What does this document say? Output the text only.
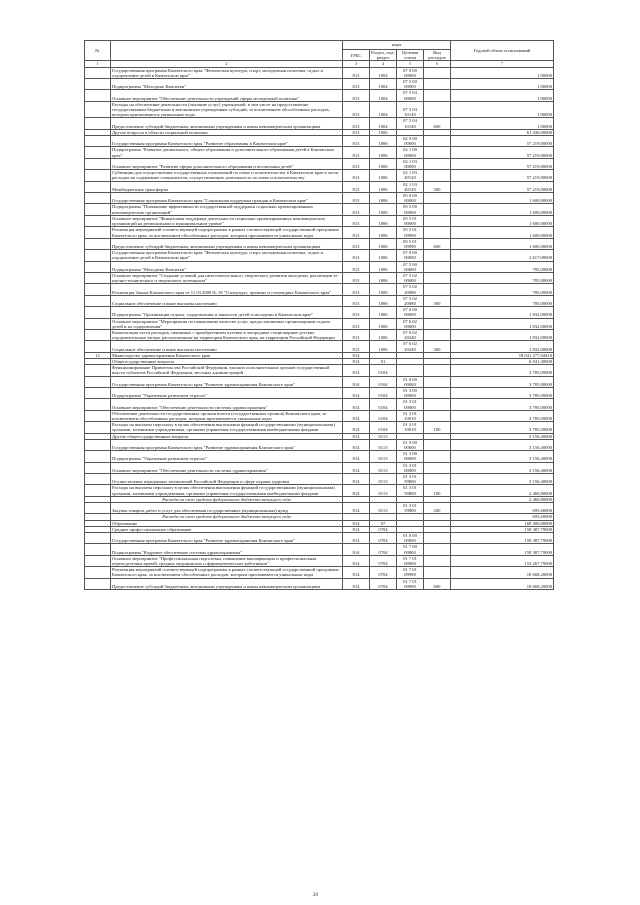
№		коды				Годовой объем ассигнований
		ГРБС	Раздел, под-раздел	Целевая статья	Вид расходов	
1	2	3	4	5	6	7
	Государственная программа Камчатского края "Физическая культура, спорт, молодежная политика, отдых и оздоровление детей в Камчатском крае"	813	1004	07 0 00 00000		1,90000
	Подпрограмма "Молодежь Камчатки"	813	1004	07 5 00 00000		1,90000
	Основное мероприятие "Обеспечение деятельности учреждений сферы молодежной политики"	813	1004	07 5 04 00000		1,90000
	Расходы на обеспечение деятельности (оказание услуг) учреждений, в том числе на предоставление государственным бюджетным и автономным учреждениям субсидий, за исключением обособленных расходов, которым присваиваются уникальные коды	813	1004	07 5 04 10140		1,90000
	Предоставление субсидий бюджетным, автономным учреждениям и иным некоммерческим организациям	813	1004	07 5 04 10140	600	1,90000
	Другие вопросы в области социальной политики	813	1006			61 436,00000
	Государственная программа Камчатского края "Развитие образования в Камчатском крае"	813	1006	02 0 00 00000		57 219,00000
	Подпрограмма "Развитие дошкольного, общего образования и дополнительного образования детей в Камчатском крае"	813	1006	02 1 00 00000		57 219,00000
	Основное мероприятие "Развитие сферы дополнительного образования и воспитания детей"	813	1006	02 1 03 00000		57 219,00000
	Субвенции для осуществления государственных полномочий по опеке и попечительству в Камчатском крае в части расходов на содержание специалистов, осуществляющих деятельность по опеке и попечительству	813	1006	02 1 03 40120		57 219,00000
	Межбюджетные трансферты	813	1006	02 1 03 40120	500	57 219,00000
	Государственная программа Камчатского края "Социальная поддержка граждан в Камчатском крае"	813	1006	05 0 00 00000		1 600,00000
	Подпрограмма "Повышение эффективности государственной поддержки социально ориентированных некоммерческих организаций"	813	1006	05 5 00 00000		1 600,00000
	Основное мероприятие "Финансовая поддержка деятельности социально ориентированных некоммерческих организаций на региональном и муниципальном уровне"	813	1006	05 5 01 00000		1 600,00000
	Реализация мероприятий соответствующей подпрограммы в рамках соответствующей государственной программы Камчатского края, за исключением обособленных расходов, которым присваиваются уникальные коды	813	1006	05 5 01 09990		1 600,00000
	Предоставление субсидий бюджетным, автономным учреждениям и иным некоммерческим организациям	813	1006	05 5 01 09990	600	1 600,00000
	Государственная программа Камчатского края "Физическая культура, спорт, молодежная политика, отдых и оздоровление детей в Камчатском крае"	813	1006	07 0 00 00000		2 617,00000
	Подпрограмма "Молодежь Камчатки"	813	1006	07 5 00 00000		785,00000
	Основное мероприятие "Создание условий для интеллектуального, творческого развития молодежи, реализации ее научно-технического и творческого потенциала"	813	1006	07 5 02 00000		785,00000
	Реализация Закона Камчатского края от 11.03.2008 № 18 "О наградах, премиях и стипендиях Камчатского края"	813	1006	07 5 02 20080		785,00000
	Социальное обеспечение и иные выплаты населению	813	1006	07 5 02 20080	300	785,00000
	Подпрограмма "Организация отдыха, оздоровления и занятости детей и молодежи в Камчатском крае"	813	1006	07 6 00 00000		1 832,00000
	Основное мероприятие "Мероприятия по повышению качества услуг, предоставляемых организациями отдыха детей и их оздоровления"	813	1006	07 6 02 00000		1 832,00000
	Компенсация части расходов, связанных с приобретением путевок в загородные стационарные детские оздоровительные лагеря, расположенные на территории Камчатского края, на территории Российской Федерации	813	1006	07 6 02 20240		1 832,00000
	Социальное обеспечение и иные выплаты населению	813	1006	07 6 02 20240	300	1 832,00000
12	Министерство здравоохранения Камчатского края	814				18 041 277,94410
	Общегосударственные вопросы	814	01			6 941,40000
	Функционирование Правительства Российской Федерации, высших исполнительных органов государственной власти субъектов Российской Федерации, местных администраций	814	0104			3 785,00000
	Государственная программа Камчатского края "Развитие здравоохранения Камчатского края"	814	0104	01 0 00 00000		3 785,00000
	Подпрограмма "Управление развитием отрасли"	814	0104	01 3 00 00000		3 785,00000
	Основное мероприятие "Обеспечение деятельности системы здравоохранения"	814	0104	01 3 01 00000		3 785,00000
	Обеспечение деятельности государственных органов власти (государственных органов) Камчатского края, за исключением обособленных расходов, которым присваиваются уникальные коды	814	0104	01 3 01 10010		3 785,00000
	Расходы на выплаты персоналу в целях обеспечения выполнения функций государственными (муниципальными) органами, казенными учреждениями, органами управления государственными внебюджетными фондами	814	0104	01 3 01 10010	100	3 785,00000
	Другие общегосударственные вопросы	814	0113			3 156,40000
	Государственная программа Камчатского края "Развитие здравоохранения Камчатского края"	814	0113	01 0 00 00000		3 156,40000
	Подпрограмма "Управление развитием отрасли"	814	0113	01 3 00 00000		3 156,40000
	Основное мероприятие "Обеспечение деятельности системы здравоохранения"	814	0113	01 3 01 00000		3 156,40000
	Осуществление переданных полномочий Российской Федерации в сфере охраны здоровья	814	0113	01 3 01 59800		3 156,40000
	Расходы на выплаты персоналу в целях обеспечения выполнения функций государственными (муниципальными) органами, казенными учреждениями, органами управления государственными внебюджетными фондами	814	0113	01 3 01 59800	100	2 460,80000
	Расходы за счет средств федерального бюджета текущего года					2 460,80000
	Закупка товаров, работ и услуг для обеспечения государственных (муниципальных) нужд	814	0113	01 3 01 59800	200	695,60000
	Расходы за счет средств федерального бюджета текущего года					695,60000
	Образование	814	07			169 406,00000
	Среднее профессиональное образование	814	0704			158 387,79000
	Государственная программа Камчатского края "Развитие здравоохранения Камчатского края"	814	0704	01 0 00 00000		158 387,79000
	Подпрограмма "Кадровое обеспечение системы здравоохранения"	814	0704	01 7 00 00000		158 387,79000
	Основное мероприятие "Профессиональная подготовка, повышение квалификации и профессиональная переподготовка врачей, средних медицинских и фармацевтических работников"	814	0704	01 7 01 00000		153 267,79000
	Реализация мероприятий соответствующей подпрограммы в рамках соответствующей государственной программы Камчатского края, за исключением обособленных расходов, которым присваиваются уникальные коды	814	0704	01 7 01 09990		18 668,20000
	Предоставление субсидий бюджетным, автономным учреждениям и иным некоммерческим организациям	814	0704	01 7 01 09990	600	18 668,20000
20
